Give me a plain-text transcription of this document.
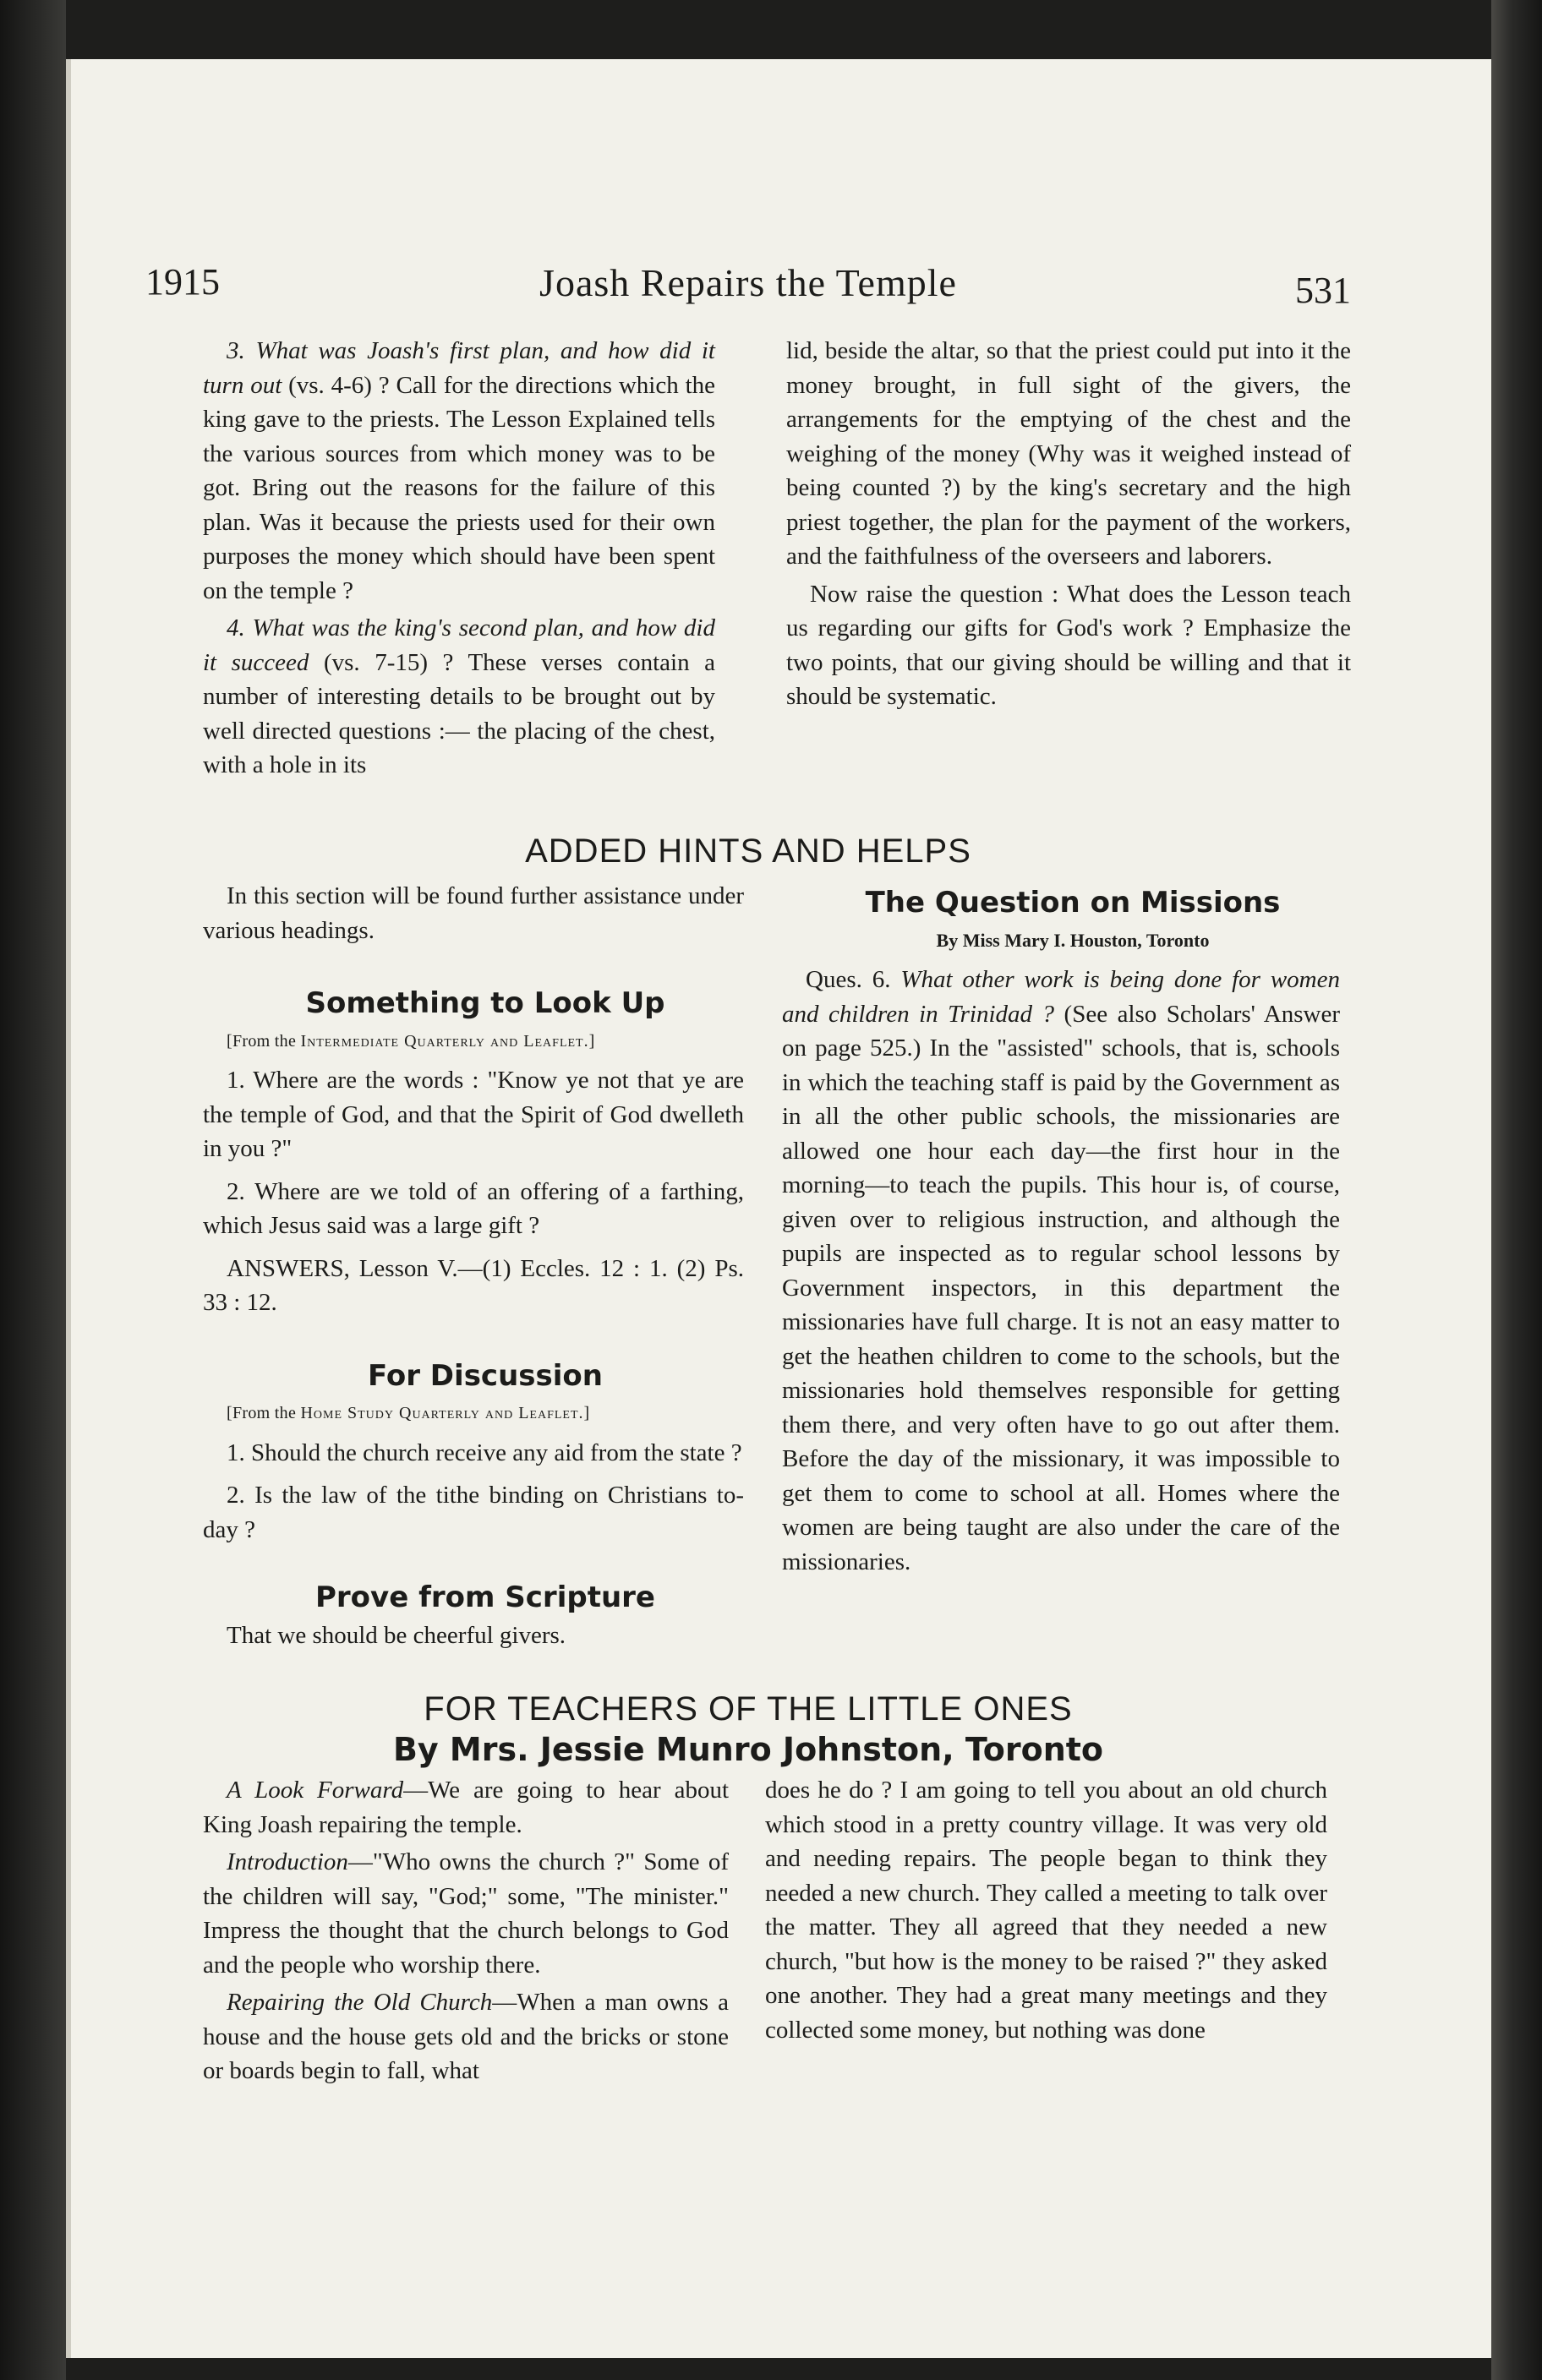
1915	Joash Repairs the Temple	531

3. What was Joash's first plan, and how did it turn out (vs. 4-6) ? Call for the directions which the king gave to the priests. The Lesson Explained tells the various sources from which money was to be got. Bring out the reasons for the failure of this plan. Was it because the priests used for their own purposes the money which should have been spent on the temple ?

4. What was the king's second plan, and how did it succeed (vs. 7-15) ? These verses contain a number of interesting details to be brought out by well directed questions :— the placing of the chest, with a hole in its

lid, beside the altar, so that the priest could put into it the money brought, in full sight of the givers, the arrangements for the emptying of the chest and the weighing of the money (Why was it weighed instead of being counted ?) by the king's secretary and the high priest together, the plan for the payment of the workers, and the faithfulness of the overseers and laborers.

Now raise the question : What does the Lesson teach us regarding our gifts for God's work ? Emphasize the two points, that our giving should be willing and that it should be systematic.

ADDED HINTS AND HELPS

In this section will be found further assistance under various headings.

Something to Look Up

[From the Intermediate Quarterly and Leaflet.]

1. Where are the words : "Know ye not that ye are the temple of God, and that the Spirit of God dwelleth in you ?"

2. Where are we told of an offering of a farthing, which Jesus said was a large gift ?

ANSWERS, Lesson V.—(1) Eccles. 12 : 1. (2) Ps. 33 : 12.

For Discussion

[From the Home Study Quarterly and Leaflet.]

1. Should the church receive any aid from the state ?

2. Is the law of the tithe binding on Christians to-day ?

Prove from Scripture

That we should be cheerful givers.

The Question on Missions

By Miss Mary I. Houston, Toronto

Ques. 6. What other work is being done for women and children in Trinidad ? (See also Scholars' Answer on page 525.) In the "assisted" schools, that is, schools in which the teaching staff is paid by the Government as in all the other public schools, the missionaries are allowed one hour each day—the first hour in the morning—to teach the pupils. This hour is, of course, given over to religious instruction, and although the pupils are inspected as to regular school lessons by Government inspectors, in this department the missionaries have full charge. It is not an easy matter to get the heathen children to come to the schools, but the missionaries hold themselves responsible for getting them there, and very often have to go out after them. Before the day of the missionary, it was impossible to get them to come to school at all. Homes where the women are being taught are also under the care of the missionaries.

FOR TEACHERS OF THE LITTLE ONES
By Mrs. Jessie Munro Johnston, Toronto

A Look Forward—We are going to hear about King Joash repairing the temple.

Introduction—"Who owns the church ?" Some of the children will say, "God;" some, "The minister." Impress the thought that the church belongs to God and the people who worship there.

Repairing the Old Church—When a man owns a house and the house gets old and the bricks or stone or boards begin to fall, what

does he do ? I am going to tell you about an old church which stood in a pretty country village. It was very old and needing repairs. The people began to think they needed a new church. They called a meeting to talk over the matter. They all agreed that they needed a new church, "but how is the money to be raised ?" they asked one another. They had a great many meetings and they collected some money, but nothing was done
